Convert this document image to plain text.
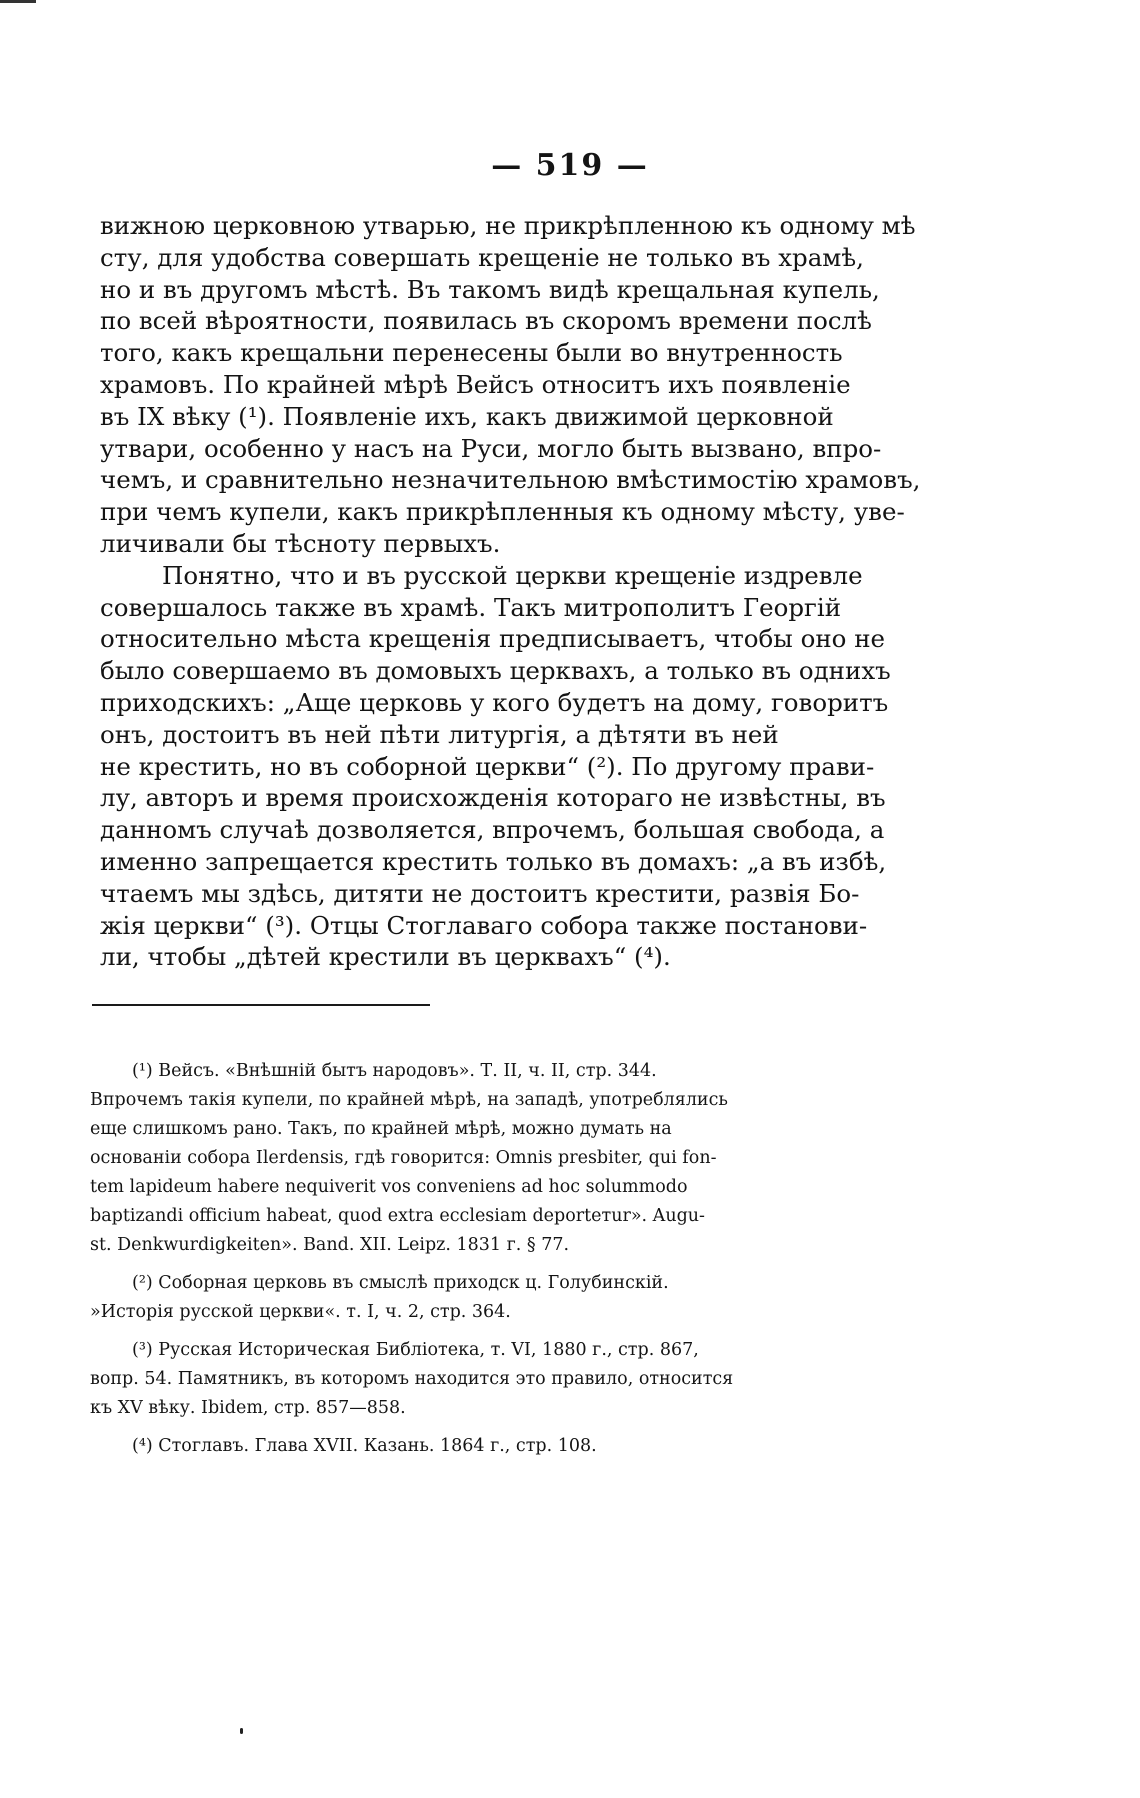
— 519 —

вижною церковною утварью, не прикрѣпленною къ одному мѣ

сту, для удобства совершать крещеніе не только въ храмѣ,

но и въ другомъ мѣстѣ. Въ такомъ видѣ крещальная купель,

по всей вѣроятности, появилась въ скоромъ времени послѣ

того, какъ крещальни перенесены были во внутренность

храмовъ. По крайней мѣрѣ Вейсъ относитъ ихъ появленіе

въ IX вѣку (¹). Появленіе ихъ, какъ движимой церковной

утвари, особенно у насъ на Руси, могло быть вызвано, впро-

чемъ, и сравнительно незначительною вмѣстимостію храмовъ,

при чемъ купели, какъ прикрѣпленныя къ одному мѣсту, уве-

личивали бы тѣсноту первыхъ.

Понятно, что и въ русской церкви крещеніе издревле

совершалось также въ храмѣ. Такъ митрополитъ Георгій

относительно мѣста крещенія предписываетъ, чтобы оно не

было совершаемо въ домовыхъ церквахъ, а только въ однихъ

приходскихъ: „Аще церковь у кого будетъ на дому, говоритъ

онъ, достоитъ въ ней пѣти литургія, а дѣтяти въ ней

не крестить, но въ соборной церкви“ (²). По другому прави-

лу, авторъ и время происхожденія котораго не извѣстны, въ

данномъ случаѣ дозволяется, впрочемъ, большая свобода, а

именно запрещается крестить только въ домахъ: „а въ избѣ,

чтаемъ мы здѣсь, дитяти не достоитъ крестити, развія Бо-

жія церкви“ (³). Отцы Стоглаваго собора также постанови-

ли, чтобы „дѣтей крестили въ церквахъ“ (⁴).

(¹) Вейсъ. «Внѣшній бытъ народовъ». Т. II, ч. II, стр. 344.

Впрочемъ такія купели, по крайней мѣрѣ, на западѣ, употреблялись

еще слишкомъ рано. Такъ, по крайней мѣрѣ, можно думать на

основаніи собора Ilerdensis, гдѣ говорится: Omnis presbiter, qui fon-

tem lapideum habere nequiverit vos conveniens ad hoc solummodo

baptizandi officium habeat, quod extra ecclesiam deporteтur». Augu-

st. Denkwurdigkeiten». Band. XII. Leipz. 1831 г. § 77.

(²) Соборная церковь въ смыслѣ приходск ц. Голубинскій.

»Исторія русской церкви«. т. I, ч. 2, стр. 364.

(³) Русская Историческая Библіотека, т. VI, 1880 г., стр. 867,

вопр. 54. Памятникъ, въ которомъ находится это правило, относится

къ XV вѣку. Ibidem, стр. 857—858.

(⁴) Стоглавъ. Глава XVII. Казань. 1864 г., стр. 108.
